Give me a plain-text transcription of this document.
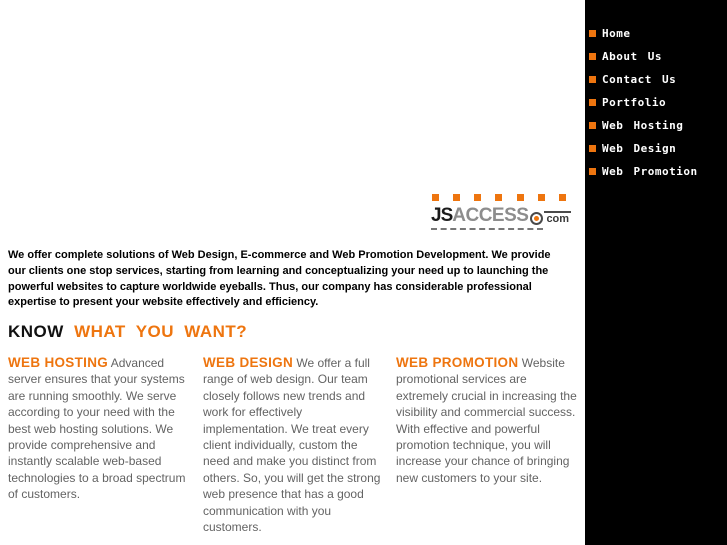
JS ACCESS com

We offer complete solutions of Web Design, E-commerce and Web Promotion Development. We provide our clients one stop services, starting from learning and conceptualizing your need up to launching the powerful websites to capture worldwide eyeballs. Thus, our company has considerable professional expertise to present your website effectively and efficiency.

KNOW WHAT YOU WANT?
WEB HOSTING Advanced server ensures that your systems are running smoothly. We serve according to your need with the best web hosting solutions. We provide comprehensive and instantly scalable web-based technologies to a broad spectrum of customers.
WEB DESIGN We offer a full range of web design. Our team closely follows new trends and work for effectively implementation. We treat every client individually, custom the need and make you distinct from others. So, you will get the strong web presence that has a good communication with you customers.
WEB PROMOTION Website promotional services are extremely crucial in increasing the visibility and commercial success. With effective and powerful promotion technique, you will increase your chance of bringing new customers to your site.
Home
About Us
Contact Us
Portfolio
Web Hosting
Web Design
Web Promotion
